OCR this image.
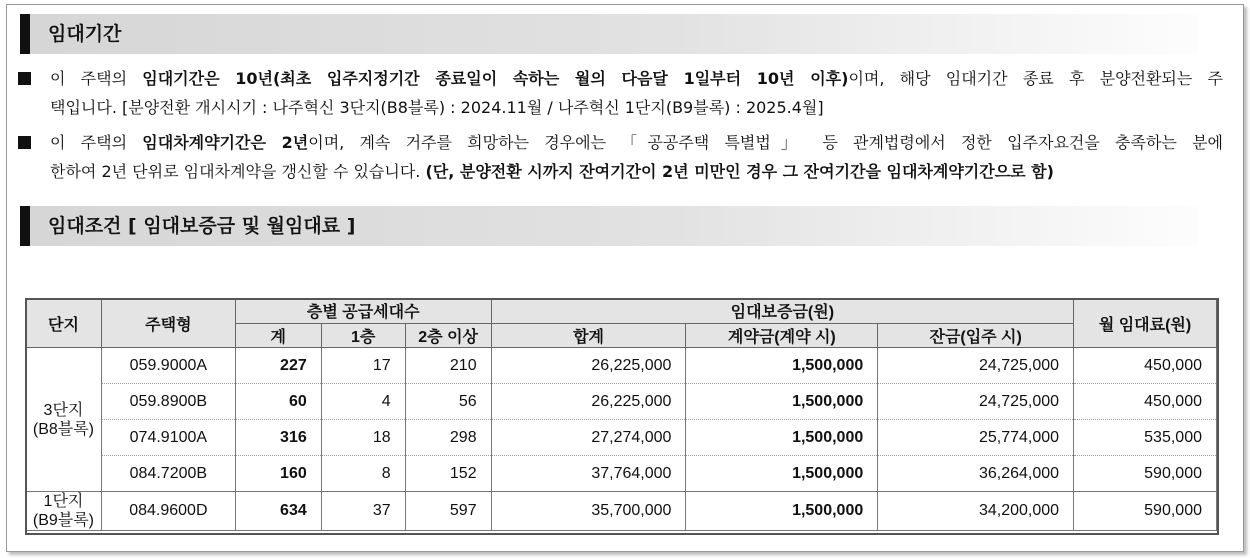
임대기간
이 주택의 임대기간은 10년(최초 입주지정기간 종료일이 속하는 월의 다음달 1일부터 10년 이후)이며, 해당 임대기간 종료 후 분양전환되는 주
택입니다. [분양전환 개시시기 : 나주혁신 3단지(B8블록) : 2024.11월 / 나주혁신 1단지(B9블록) : 2025.4월]
이 주택의 임대차계약기간은 2년이며, 계속 거주를 희망하는 경우에는 「공공주택 특별법」 등 관계법령에서 정한 입주자요건을 충족하는 분에
한하여 2년 단위로 임대차계약을 갱신할 수 있습니다. (단, 분양전환 시까지 잔여기간이 2년 미만인 경우 그 잔여기간을 임대차계약기간으로 함)
임대조건 [ 임대보증금 및 월임대료 ]
단지	주택형	층별 공급세대수			임대보증금(원)			월 임대료(원)
		계	1층	2층 이상	합계	계약금(계약 시)	잔금(입주 시)	
3단지
(B8블록)	059.9000A	227	17	210	26,225,000	1,500,000	24,725,000	450,000
	059.8900B	60	4	56	26,225,000	1,500,000	24,725,000	450,000
	074.9100A	316	18	298	27,274,000	1,500,000	25,774,000	535,000
	084.7200B	160	8	152	37,764,000	1,500,000	36,264,000	590,000
1단지
(B9블록)	084.9600D	634	37	597	35,700,000	1,500,000	34,200,000	590,000
